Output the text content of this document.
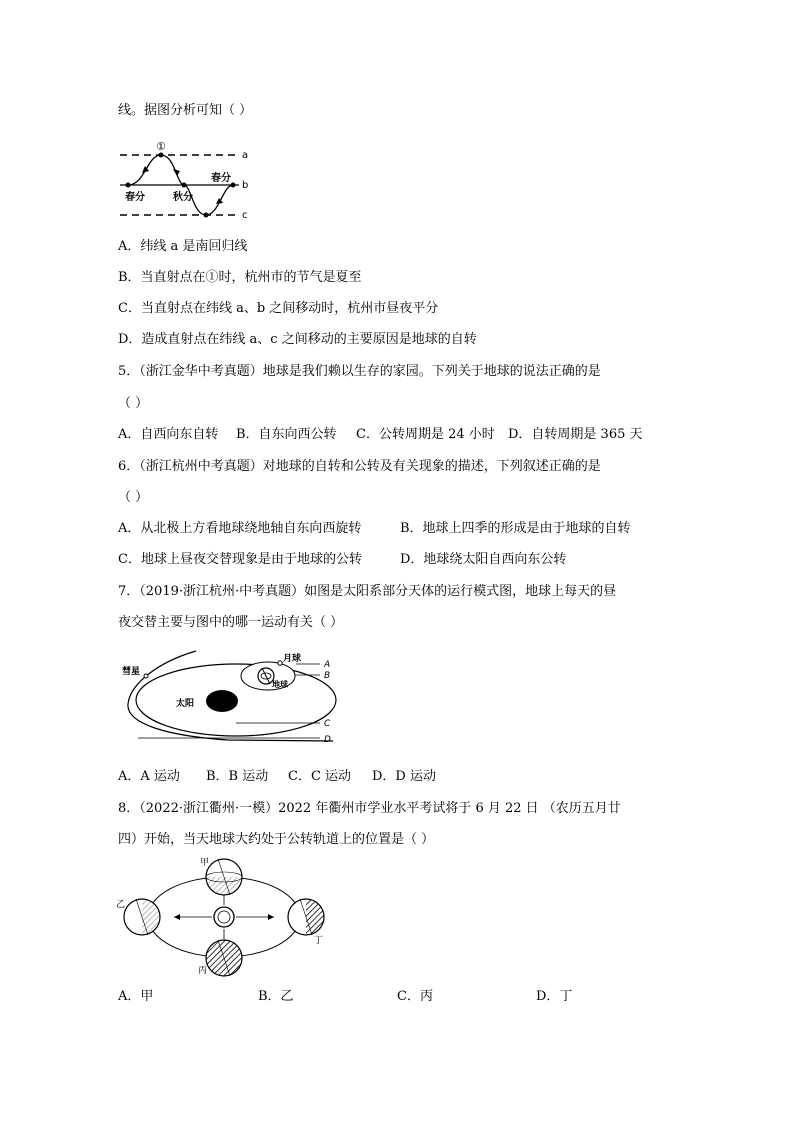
线。据图分析可知（ ）
①
a
b
c
春分	秋分
春分
A．纬线 a 是南回归线
B．当直射点在①时，杭州市的节气是夏至
C．当直射点在纬线 a、b 之间移动时，杭州市昼夜平分
D．造成直射点在纬线 a、c 之间移动的主要原因是地球的自转
5．（浙江金华中考真题）地球是我们赖以生存的家园。下列关于地球的说法正确的是
（ ）
A．自西向东自转 B．自东向西公转 C．公转周期是 24 小时 D．自转周期是 365 天
6．（浙江杭州中考真题）对地球的自转和公转及有关现象的描述，下列叙述正确的是
（ ）
A．从北极上方看地球绕地轴自东向西旋转	B．地球上四季的形成是由于地球的自转
C．地球上昼夜交替现象是由于地球的公转	D．地球绕太阳自西向东公转
7．（2019·浙江杭州·中考真题）如图是太阳系部分天体的运行模式图，地球上每天的昼
夜交替主要与图中的哪一运动有关（ ）
彗星
太阳
月球
地球
A
B
C
D
A．A 运动 B．B 运动 C．C 运动 D．D 运动
8．（2022·浙江衢州·一模）2022 年衢州市学业水平考试将于 6 月 22 日 （农历五月廿
四）开始，当天地球大约处于公转轨道上的位置是（ ）
甲
乙
丙
丁
A．甲	B．乙	C．丙	D．丁
